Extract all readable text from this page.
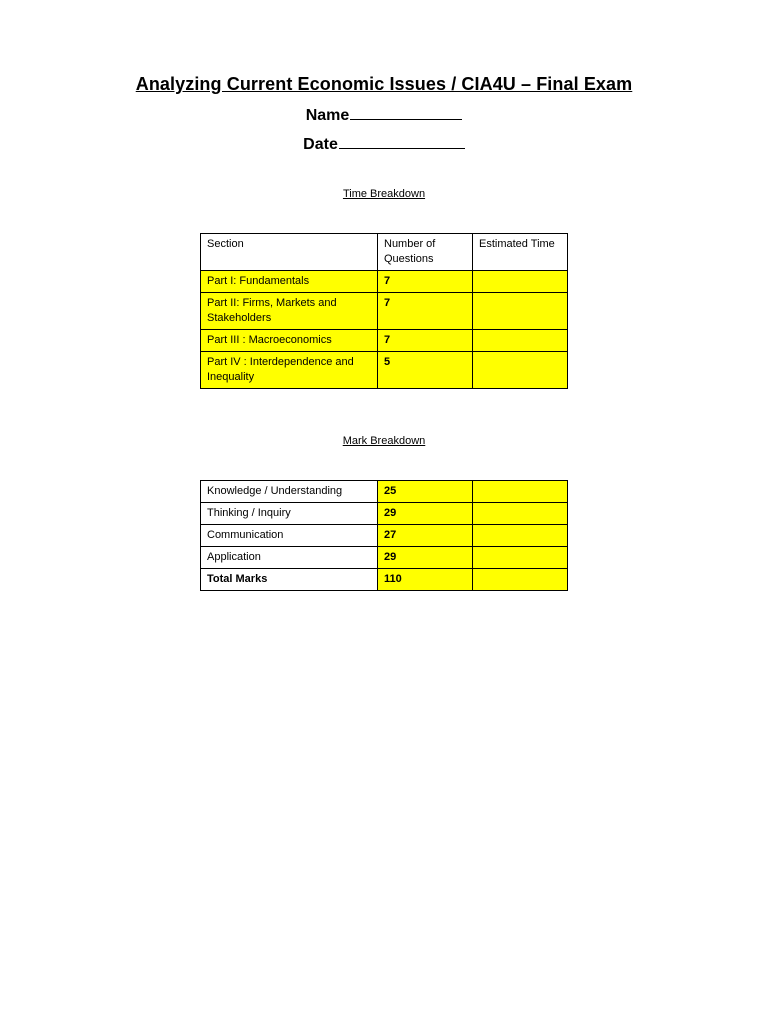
Analyzing Current Economic Issues / CIA4U – Final Exam
Name
Date
Time Breakdown
Section	Number of Questions	Estimated Time
Part I: Fundamentals	7	
Part II: Firms, Markets and Stakeholders	7	
Part III : Macroeconomics	7	
Part IV : Interdependence and Inequality	5	
Mark Breakdown
Knowledge / Understanding	25	
Thinking / Inquiry	29	
Communication	27	
Application	29	
Total Marks	110	
